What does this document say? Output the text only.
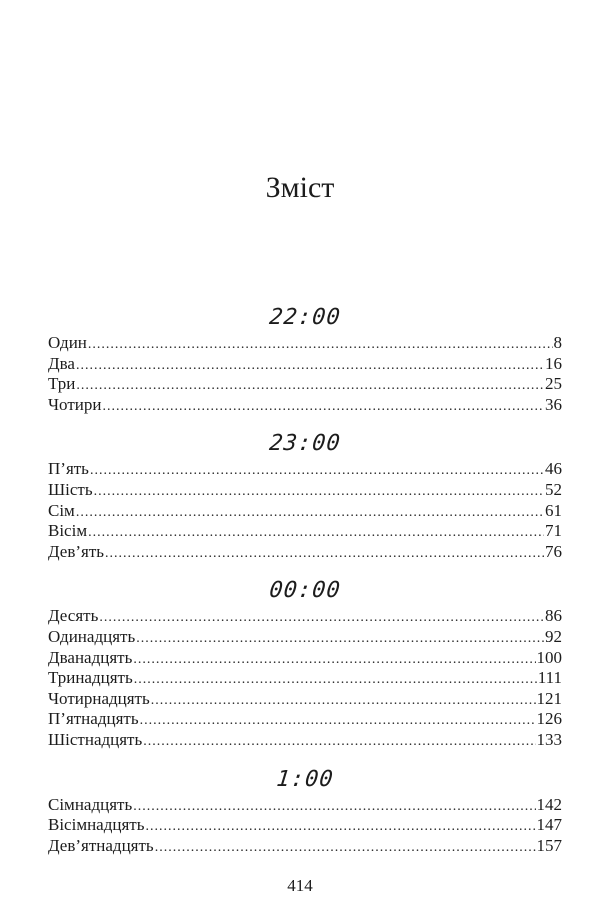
Зміст
22:00
Один .....	8
Два .....	16
Три .....	25
Чотири .....	36
23:00
П’ять .....	46
Шість .....	52
Сім .....	61
Вісім .....	71
Дев’ять .....	76
00:00
Десять .....	86
Одинадцять .....	92
Дванадцять .....	100
Тринадцять .....	111
Чотирнадцять .....	121
П’ятнадцять .....	126
Шістнадцять .....	133
1:00
Сімнадцять .....	142
Вісімнадцять .....	147
Дев’ятнадцять .....	157
414
